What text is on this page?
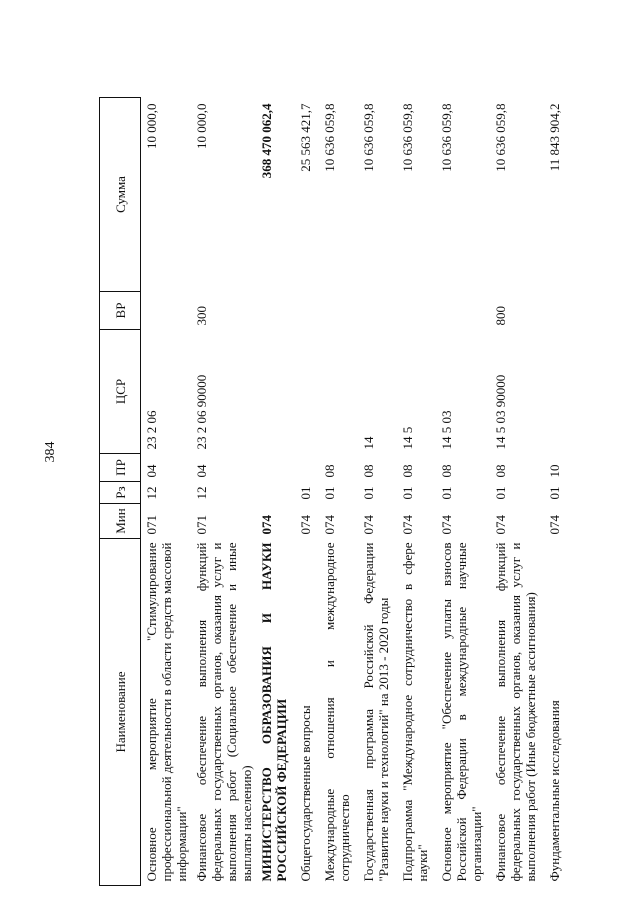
384
Наименование	Мин	Рз	ПР	ЦСР	ВР	Сумма
Основное мероприятие "Стимулирование профессиональной деятельности в области средств массовой информации"	071	12	04	23 2 06		10 000,0
Финансовое обеспечение выполнения функций федеральных государственных органов, оказания услуг и выполнения работ (Социальное обеспечение и иные выплаты населению)	071	12	04	23 2 06 90000	300	10 000,0
МИНИСТЕРСТВО ОБРАЗОВАНИЯ И НАУКИ РОССИЙСКОЙ ФЕДЕРАЦИИ	074					368 470 062,4
Общегосударственные вопросы	074	01				25 563 421,7
Международные отношения и международное сотрудничество	074	01	08			10 636 059,8
Государственная программа Российской Федерации "Развитие науки и технологий" на 2013 - 2020 годы	074	01	08	14		10 636 059,8
Подпрограмма "Международное сотрудничество в сфере науки"	074	01	08	14 5		10 636 059,8
Основное мероприятие "Обеспечение уплаты взносов Российской Федерации в международные научные организации"	074	01	08	14 5 03		10 636 059,8
Финансовое обеспечение выполнения функций федеральных государственных органов, оказания услуг и выполнения работ (Иные бюджетные ассигнования)	074	01	08	14 5 03 90000	800	10 636 059,8
Фундаментальные исследования	074	01	10			11 843 904,2
